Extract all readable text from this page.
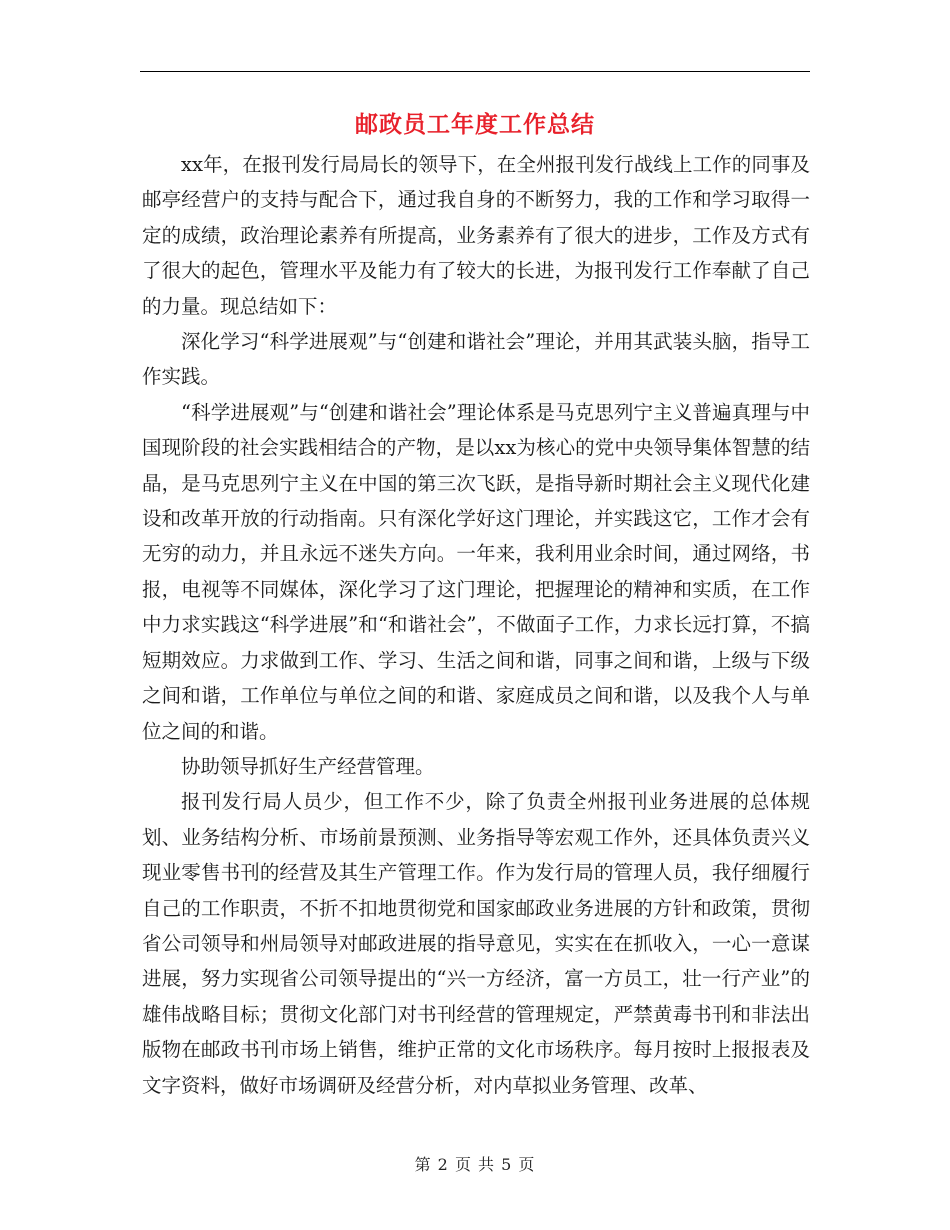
邮政员工年度工作总结

xx年，在报刊发行局局长的领导下，在全州报刊发行战线上工作的同事及邮亭经营户的支持与配合下，通过我自身的不断努力，我的工作和学习取得一定的成绩，政治理论素养有所提高，业务素养有了很大的进步，工作及方式有了很大的起色，管理水平及能力有了较大的长进，为报刊发行工作奉献了自己的力量。现总结如下：

深化学习“科学进展观”与“创建和谐社会”理论，并用其武装头脑，指导工作实践。

“科学进展观”与“创建和谐社会”理论体系是马克思列宁主义普遍真理与中国现阶段的社会实践相结合的产物，是以xx为核心的党中央领导集体智慧的结晶，是马克思列宁主义在中国的第三次飞跃，是指导新时期社会主义现代化建设和改革开放的行动指南。只有深化学好这门理论，并实践这它，工作才会有无穷的动力，并且永远不迷失方向。一年来，我利用业余时间，通过网络，书报，电视等不同媒体，深化学习了这门理论，把握理论的精神和实质，在工作中力求实践这“科学进展”和“和谐社会”，不做面子工作，力求长远打算，不搞短期效应。力求做到工作、学习、生活之间和谐，同事之间和谐，上级与下级之间和谐，工作单位与单位之间的和谐、家庭成员之间和谐，以及我个人与单位之间的和谐。

协助领导抓好生产经营管理。

报刊发行局人员少，但工作不少，除了负责全州报刊业务进展的总体规划、业务结构分析、市场前景预测、业务指导等宏观工作外，还具体负责兴义现业零售书刊的经营及其生产管理工作。作为发行局的管理人员，我仔细履行自己的工作职责，不折不扣地贯彻党和国家邮政业务进展的方针和政策，贯彻省公司领导和州局领导对邮政进展的指导意见，实实在在抓收入，一心一意谋进展，努力实现省公司领导提出的“兴一方经济，富一方员工，壮一行产业”的雄伟战略目标；贯彻文化部门对书刊经营的管理规定，严禁黄毒书刊和非法出版物在邮政书刊市场上销售，维护正常的文化市场秩序。每月按时上报报表及文字资料，做好市场调研及经营分析，对内草拟业务管理、改革、

第 2 页 共 5 页
